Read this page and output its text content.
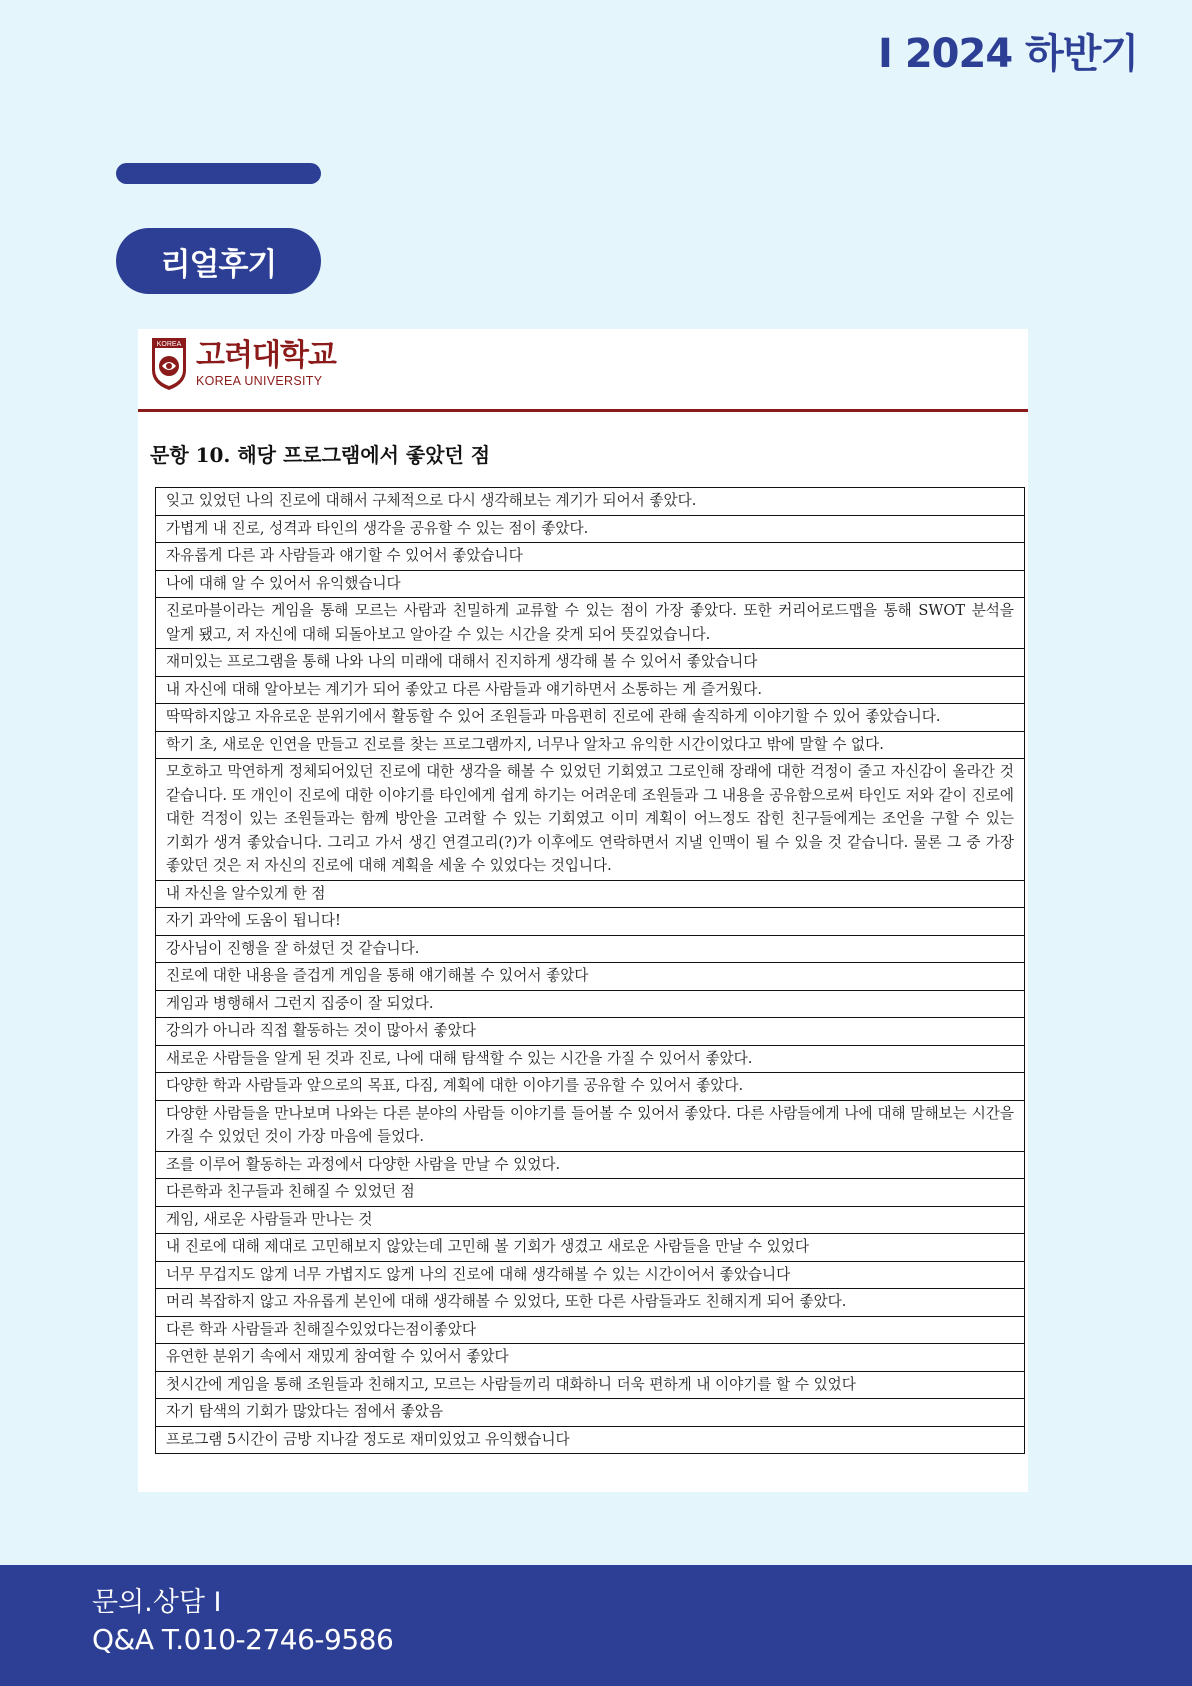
I 2024 하반기
리얼후기
KOREA 고려대학교
KOREA UNIVERSITY
문항 10. 해당 프로그램에서 좋았던 점
잊고 있었던 나의 진로에 대해서 구체적으로 다시 생각해보는 계기가 되어서 좋았다.
가볍게 내 진로, 성격과 타인의 생각을 공유할 수 있는 점이 좋았다.
자유롭게 다른 과 사람들과 얘기할 수 있어서 좋았습니다
나에 대해 알 수 있어서 유익했습니다
진로마블이라는 게임을 통해 모르는 사람과 친밀하게 교류할 수 있는 점이 가장 좋았다. 또한 커리어로드맵을 통해 SWOT 분석을 알게 됐고, 저 자신에 대해 되돌아보고 알아갈 수 있는 시간을 갖게 되어 뜻깊었습니다.
재미있는 프로그램을 통해 나와 나의 미래에 대해서 진지하게 생각해 볼 수 있어서 좋았습니다
내 자신에 대해 알아보는 계기가 되어 좋았고 다른 사람들과 얘기하면서 소통하는 게 즐거웠다.
딱딱하지않고 자유로운 분위기에서 활동할 수 있어 조원들과 마음편히 진로에 관해 솔직하게 이야기할 수 있어 좋았습니다.
학기 초, 새로운 인연을 만들고 진로를 찾는 프로그램까지, 너무나 알차고 유익한 시간이었다고 밖에 말할 수 없다.
모호하고 막연하게 정체되어있던 진로에 대한 생각을 해볼 수 있었던 기회였고 그로인해 장래에 대한 걱정이 줄고 자신감이 올라간 것 같습니다. 또 개인이 진로에 대한 이야기를 타인에게 쉽게 하기는 어려운데 조원들과 그 내용을 공유함으로써 타인도 저와 같이 진로에 대한 걱정이 있는 조원들과는 함께 방안을 고려할 수 있는 기회였고 이미 계획이 어느정도 잡힌 친구들에게는 조언을 구할 수 있는 기회가 생겨 좋았습니다. 그리고 가서 생긴 연결고리(?)가 이후에도 연락하면서 지낼 인맥이 될 수 있을 것 같습니다. 물론 그 중 가장 좋았던 것은 저 자신의 진로에 대해 계획을 세울 수 있었다는 것입니다.
내 자신을 알수있게 한 점
자기 과악에 도움이 됩니다!
강사님이 진행을 잘 하셨던 것 같습니다.
진로에 대한 내용을 즐겁게 게임을 통해 얘기해볼 수 있어서 좋았다
게임과 병행해서 그런지 집중이 잘 되었다.
강의가 아니라 직접 활동하는 것이 많아서 좋았다
새로운 사람들을 알게 된 것과 진로, 나에 대해 탐색할 수 있는 시간을 가질 수 있어서 좋았다.
다양한 학과 사람들과 앞으로의 목표, 다짐, 계획에 대한 이야기를 공유할 수 있어서 좋았다.
다양한 사람들을 만나보며 나와는 다른 분야의 사람들 이야기를 들어볼 수 있어서 좋았다. 다른 사람들에게 나에 대해 말해보는 시간을 가질 수 있었던 것이 가장 마음에 들었다.
조를 이루어 활동하는 과정에서 다양한 사람을 만날 수 있었다.
다른학과 친구들과 친해질 수 있었던 점
게임, 새로운 사람들과 만나는 것
내 진로에 대해 제대로 고민해보지 않았는데 고민해 볼 기회가 생겼고 새로운 사람들을 만날 수 있었다
너무 무겁지도 않게 너무 가볍지도 않게 나의 진로에 대해 생각해볼 수 있는 시간이어서 좋았습니다
머리 복잡하지 않고 자유롭게 본인에 대해 생각해볼 수 있었다, 또한 다른 사람들과도 친해지게 되어 좋았다.
다른 학과 사람들과 친해질수있었다는점이좋았다
유연한 분위기 속에서 재밌게 참여할 수 있어서 좋았다
첫시간에 게임을 통해 조원들과 친해지고, 모르는 사람들끼리 대화하니 더욱 편하게 내 이야기를 할 수 있었다
자기 탐색의 기회가 많았다는 점에서 좋았음
프로그램 5시간이 금방 지나갈 정도로 재미있었고 유익했습니다
문의.상담 I
Q&A T.010-2746-9586
